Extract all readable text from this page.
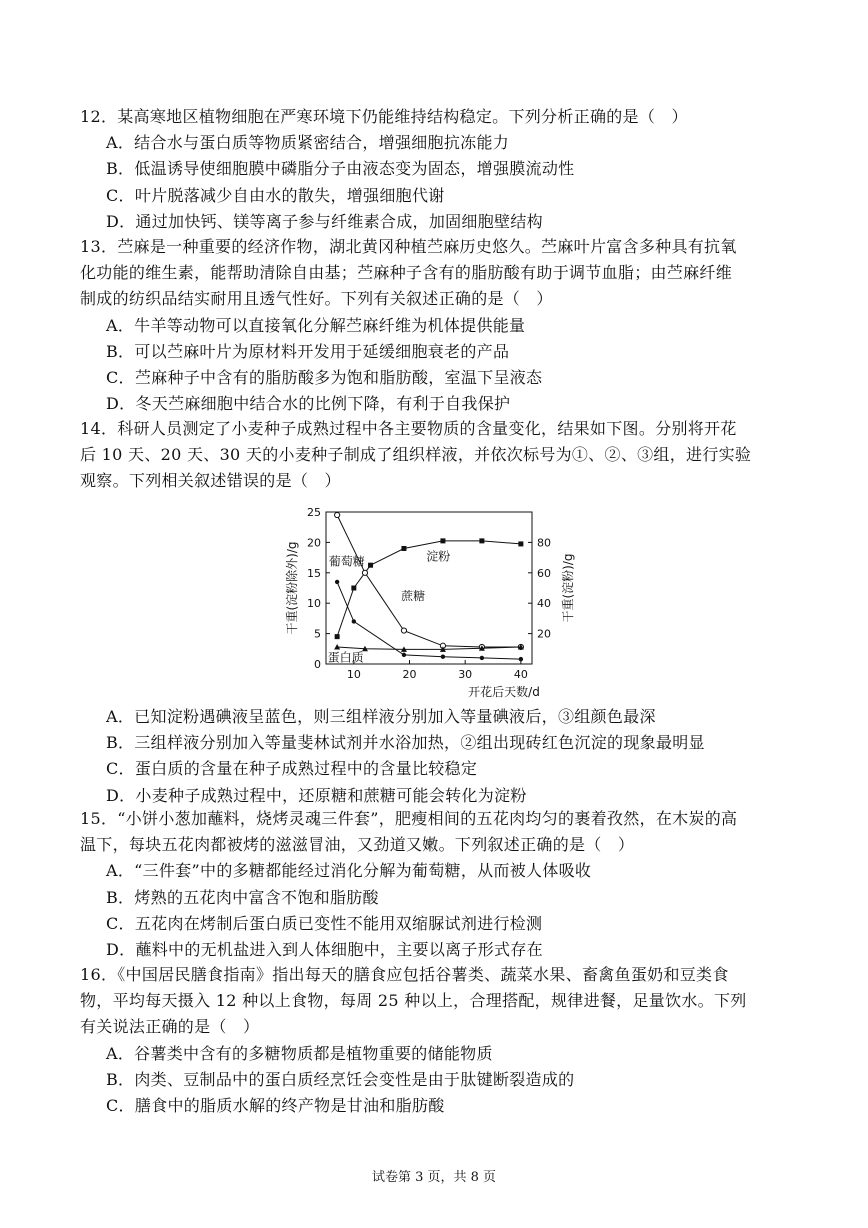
12．某高寒地区植物细胞在严寒环境下仍能维持结构稳定。下列分析正确的是（　）
A．结合水与蛋白质等物质紧密结合，增强细胞抗冻能力
B．低温诱导使细胞膜中磷脂分子由液态变为固态，增强膜流动性
C．叶片脱落减少自由水的散失，增强细胞代谢
D．通过加快钙、镁等离子参与纤维素合成，加固细胞壁结构
13．苎麻是一种重要的经济作物，湖北黄冈种植苎麻历史悠久。苎麻叶片富含多种具有抗氧
化功能的维生素，能帮助清除自由基；苎麻种子含有的脂肪酸有助于调节血脂；由苎麻纤维
制成的纺织品结实耐用且透气性好。下列有关叙述正确的是（　）
A．牛羊等动物可以直接氧化分解苎麻纤维为机体提供能量
B．可以苎麻叶片为原材料开发用于延缓细胞衰老的产品
C．苎麻种子中含有的脂肪酸多为饱和脂肪酸，室温下呈液态
D．冬天苎麻细胞中结合水的比例下降，有利于自我保护
14．科研人员测定了小麦种子成熟过程中各主要物质的含量变化，结果如下图。分别将开花
后 10 天、20 天、30 天的小麦种子制成了组织样液，并依次标号为①、②、③组，进行实验
观察。下列相关叙述错误的是（　）
A．已知淀粉遇碘液呈蓝色，则三组样液分别加入等量碘液后，③组颜色最深
B．三组样液分别加入等量斐林试剂并水浴加热，②组出现砖红色沉淀的现象最明显
C．蛋白质的含量在种子成熟过程中的含量比较稳定
D．小麦种子成熟过程中，还原糖和蔗糖可能会转化为淀粉
15．“小饼小葱加蘸料，烧烤灵魂三件套”，肥瘦相间的五花肉均匀的裹着孜然，在木炭的高
温下，每块五花肉都被烤的滋滋冒油，又劲道又嫩。下列叙述正确的是（　）
A．“三件套”中的多糖都能经过消化分解为葡萄糖，从而被人体吸收
B．烤熟的五花肉中富含不饱和脂肪酸
C．五花肉在烤制后蛋白质已变性不能用双缩脲试剂进行检测
D．蘸料中的无机盐进入到人体细胞中，主要以离子形式存在
16．《中国居民膳食指南》指出每天的膳食应包括谷薯类、蔬菜水果、畜禽鱼蛋奶和豆类食
物，平均每天摄入 12 种以上食物，每周 25 种以上，合理搭配，规律进餐，足量饮水。下列
有关说法正确的是（　）
A．谷薯类中含有的多糖物质都是植物重要的储能物质
B．肉类、豆制品中的蛋白质经烹饪会变性是由于肽键断裂造成的
C．膳食中的脂质水解的终产物是甘油和脂肪酸
0
5
10
15
20
25
20
40
60
80
10	20	30	40
开花后天数/d
干重(淀粉除外)/g	干重(淀粉)/g
淀粉
蔗糖
葡萄糖
蛋白质
试卷第 3 页，共 8 页
